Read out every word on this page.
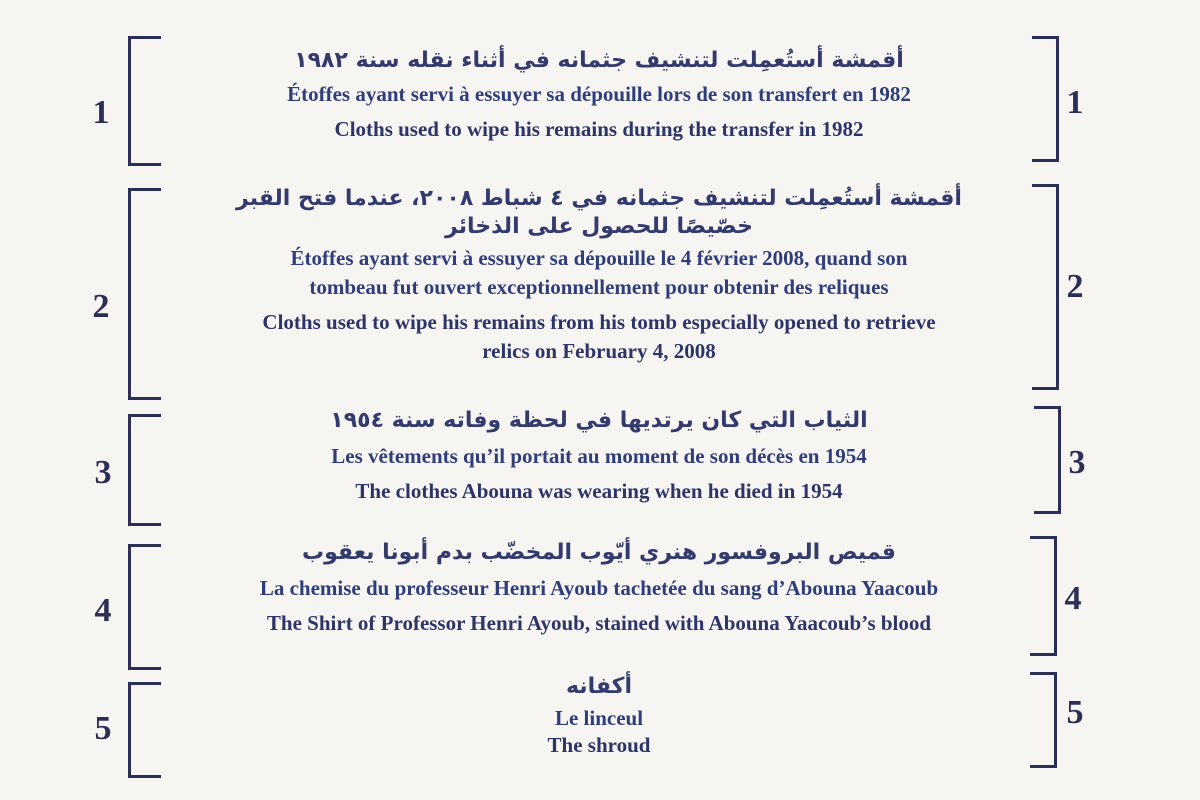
1	1
أقمشة أستُعمِلت لتنشيف جثمانه في أثناء نقله سنة ١٩٨٢
Étoffes ayant servi à essuyer sa dépouille lors de son transfert en 1982
Cloths used to wipe his remains during the transfer in 1982
2
2
أقمشة أستُعمِلت لتنشيف جثمانه في ٤ شباط ٢٠٠٨، عندما فتح القبر
خصّيصًا للحصول على الذخائر
Étoffes ayant servi à essuyer sa dépouille le 4 février 2008, quand son
tombeau fut ouvert exceptionnellement pour obtenir des reliques
Cloths used to wipe his remains from his tomb especially opened to retrieve
relics on February 4, 2008
3	3
الثياب التي كان يرتديها في لحظة وفاته سنة ١٩٥٤
Les vêtements qu’il portait au moment de son décès en 1954
The clothes Abouna was wearing when he died in 1954
4	4
قميص البروفسور هنري أيّوب المخضّب بدم أبونا يعقوب
La chemise du professeur Henri Ayoub tachetée du sang d’Abouna Yaacoub
The Shirt of Professor Henri Ayoub, stained with Abouna Yaacoub’s blood
5	5
أكفانه
Le linceul
The shroud
